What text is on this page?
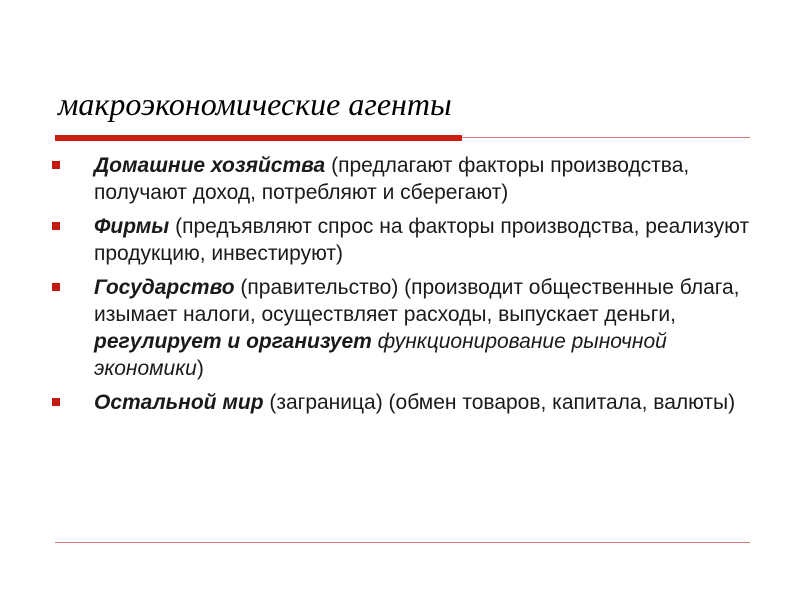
макроэкономические агенты
Домашние хозяйства (предлагают факторы производства, получают доход, потребляют и сберегают)
Фирмы (предъявляют спрос на факторы производства, реализуют продукцию, инвестируют)
Государство (правительство) (производит общественные блага, изымает налоги, осуществляет расходы, выпускает деньги, регулирует и организует функционирование рыночной экономики)
Остальной мир (заграница) (обмен товаров, капитала, валюты)
